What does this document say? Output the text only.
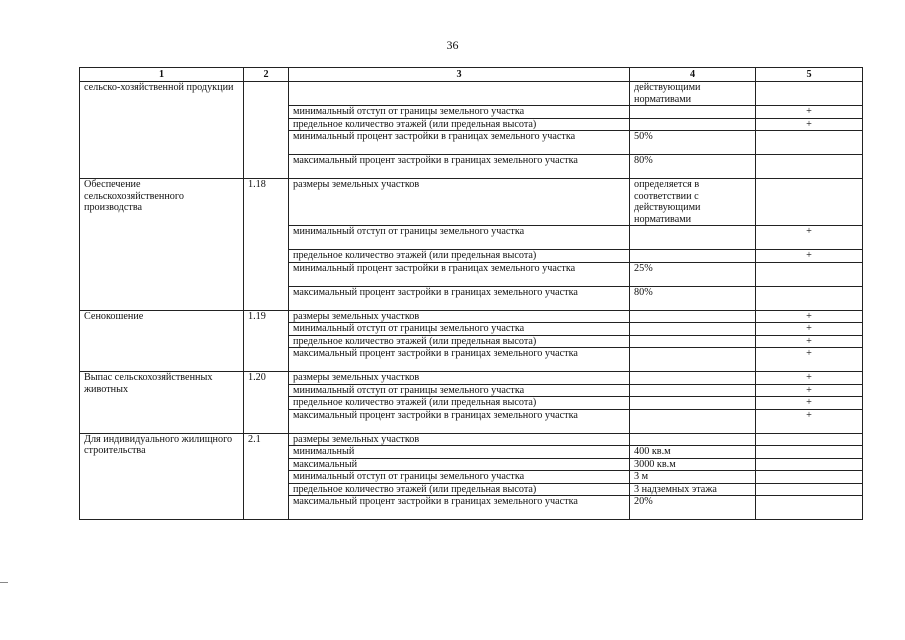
36
1	2	3	4	5
сельско-хозяйственной продукции			действующими нормативами	
		минимальный отступ от границы земельного участка		+
		предельное количество этажей (или предельная высота)		+
		минимальный процент застройки в границах земельного участка	50%	
		максимальный процент застройки в границах земельного участка	80%	
Обеспечение сельскохозяйственного производства	1.18	размеры земельных участков	определяется в соответствии с действующими нормативами	
		минимальный отступ от границы земельного участка		+
		предельное количество этажей (или предельная высота)		+
		минимальный процент застройки в границах земельного участка	25%	
		максимальный процент застройки в границах земельного участка	80%	
Сенокошение	1.19	размеры земельных участков		+
		минимальный отступ от границы земельного участка		+
		предельное количество этажей (или предельная высота)		+
		максимальный процент застройки в границах земельного участка		+
Выпас сельскохозяйственных животных	1.20	размеры земельных участков		+
		минимальный отступ от границы земельного участка		+
		предельное количество этажей (или предельная высота)		+
		максимальный процент застройки в границах земельного участка		+
Для индивидуального жилищного строительства	2.1	размеры земельных участков		
		минимальный	400 кв.м	
		максимальный	3000 кв.м	
		минимальный отступ от границы земельного участка	3 м	
		предельное количество этажей (или предельная высота)	3 надземных этажа	
		максимальный процент застройки в границах земельного участка	20%	
